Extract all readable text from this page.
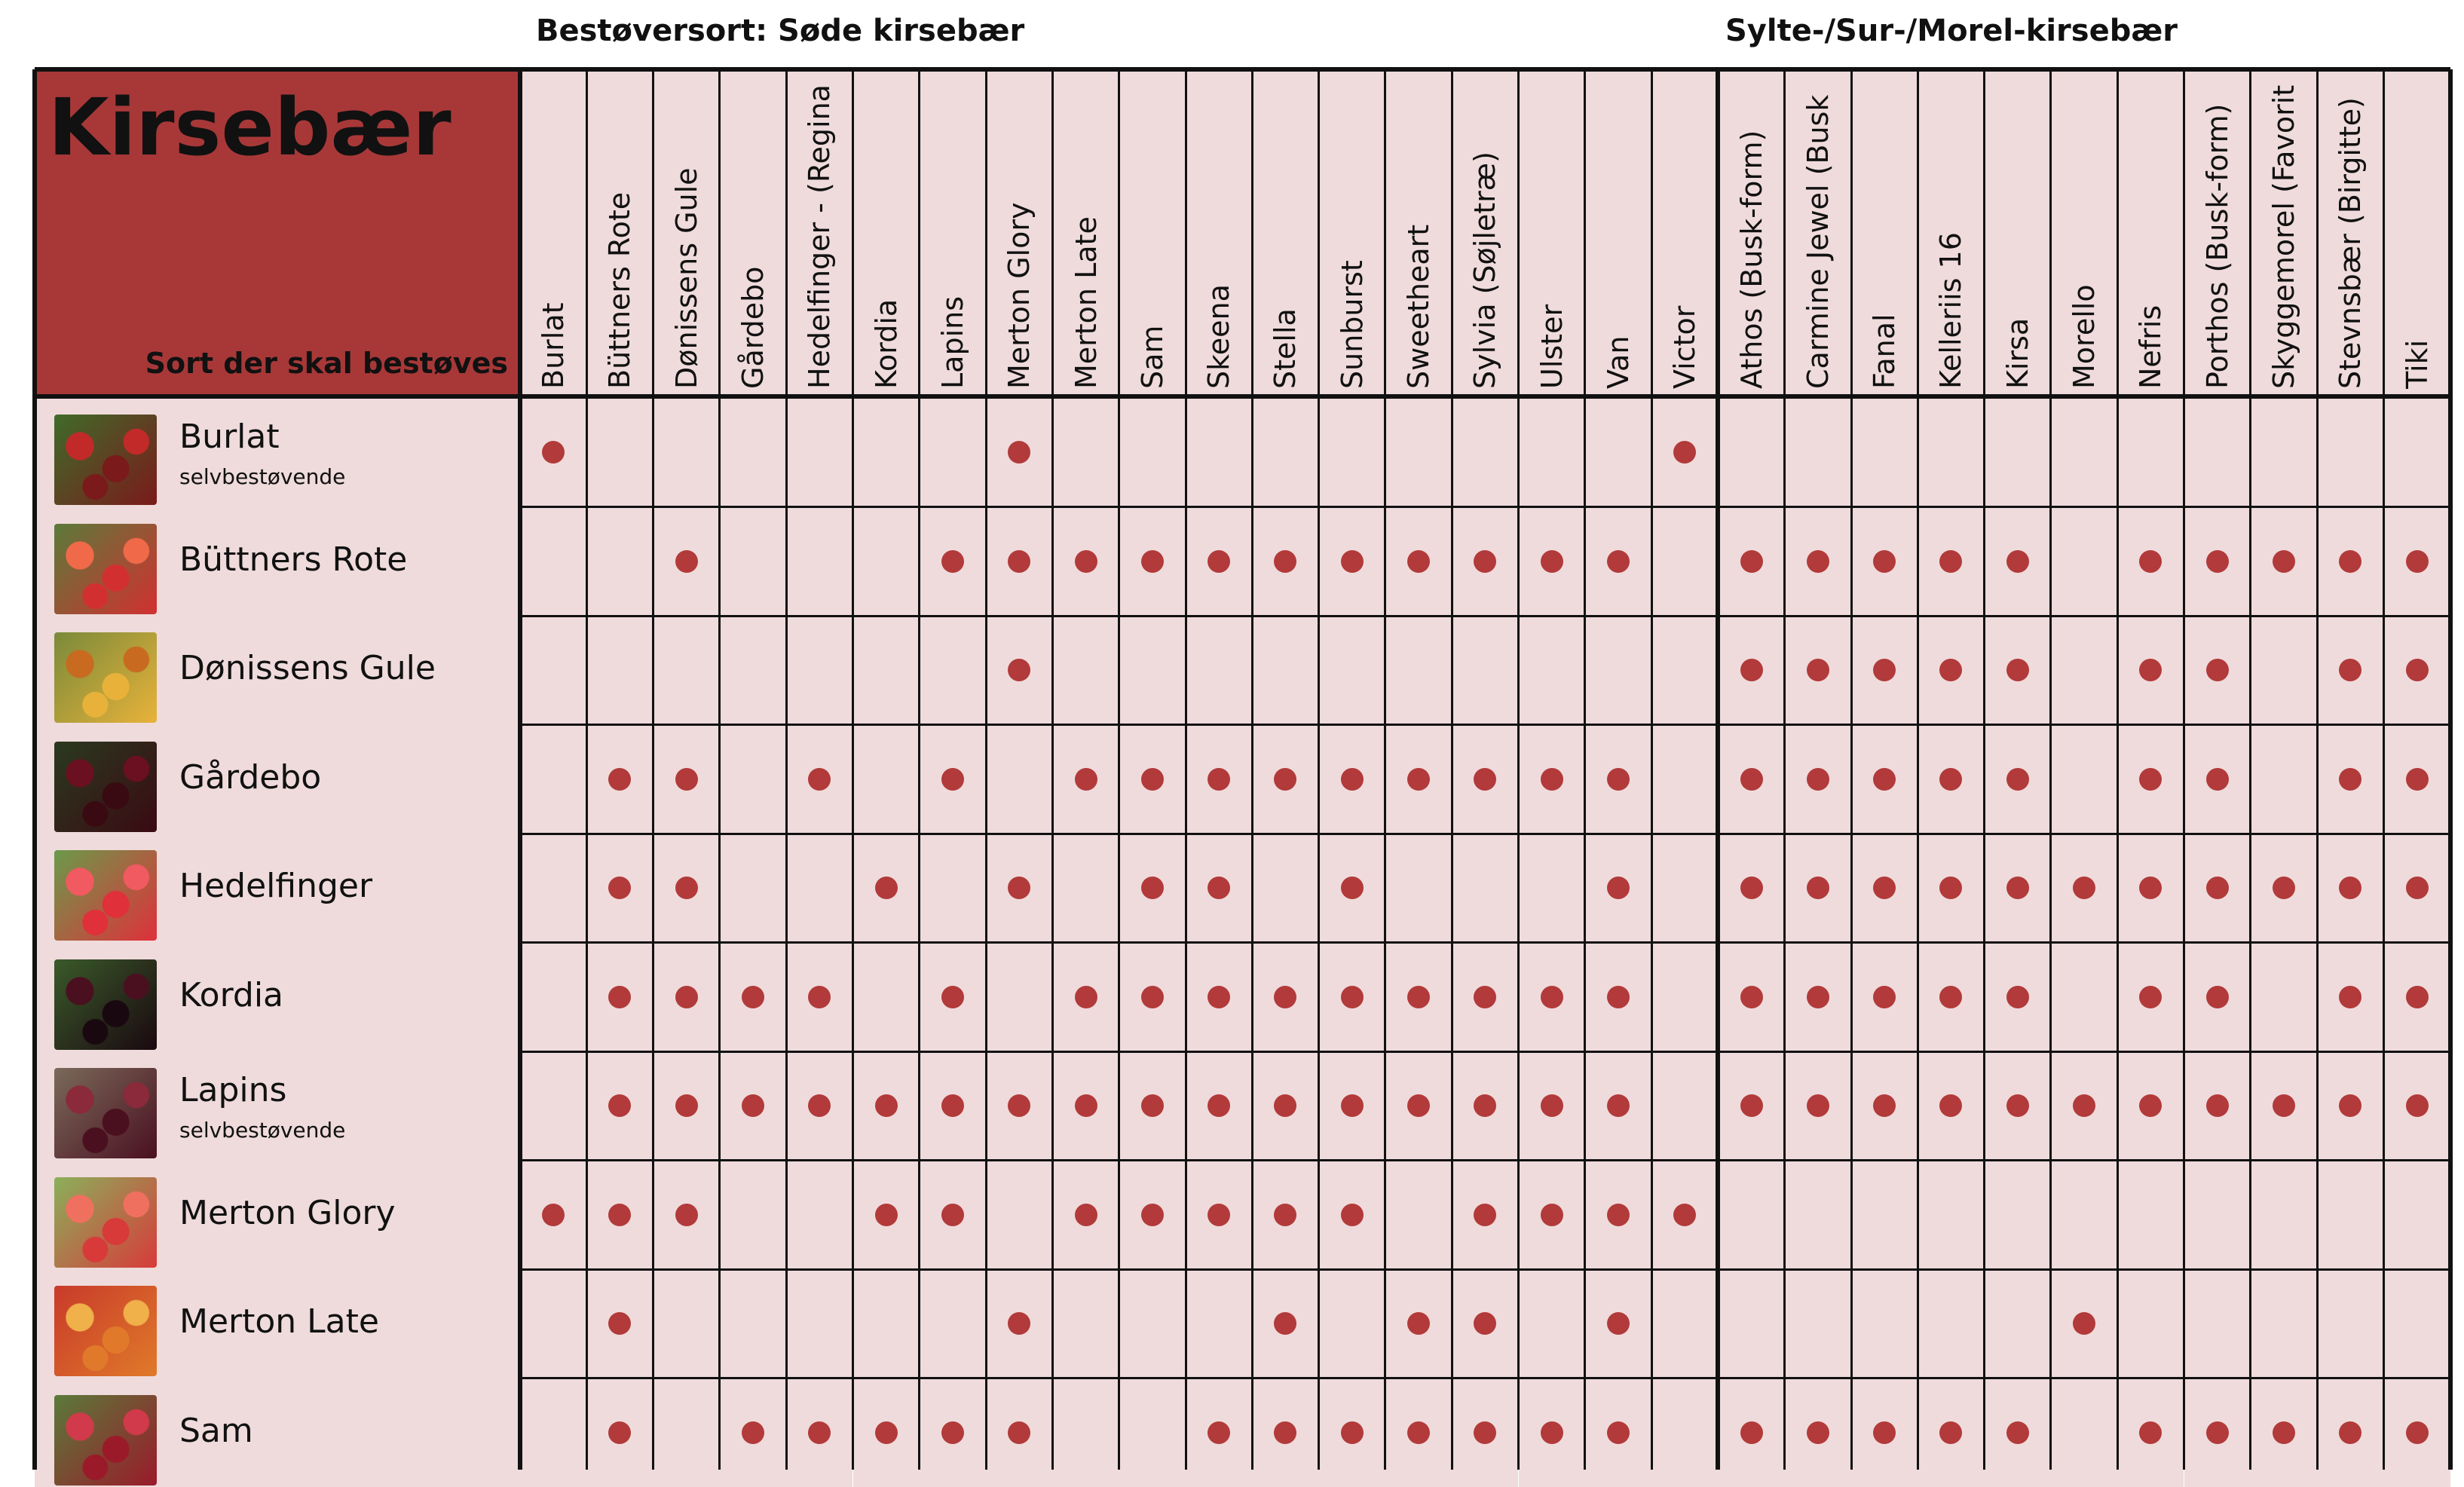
Bestøversort: Søde kirsebær	Sylte-/Sur-/Morel-kirsebær
Kirsebær
Sort der skal bestøves Burlat Büttners Rote Dønissens Gule Gårdebo Hedelfinger - (Regina Kordia Lapins Merton Glory Merton Late Sam Skeena Stella Sunburst Sweetheart Sylvia (Søjletræ) Ulster Van Victor Athos (Busk-form) Carmine Jewel (Busk Fanal Kelleriis 16 Kirsa Morello Nefris Porthos (Busk-form) Skyggemorel (Favorit Stevnsbær (Birgitte) Tiki
Burlat
selvbestøvende
Büttners Rote
Dønissens Gule
Gårdebo
Hedelfinger
Kordia
Lapins
selvbestøvende
Merton Glory
Merton Late
Sam
